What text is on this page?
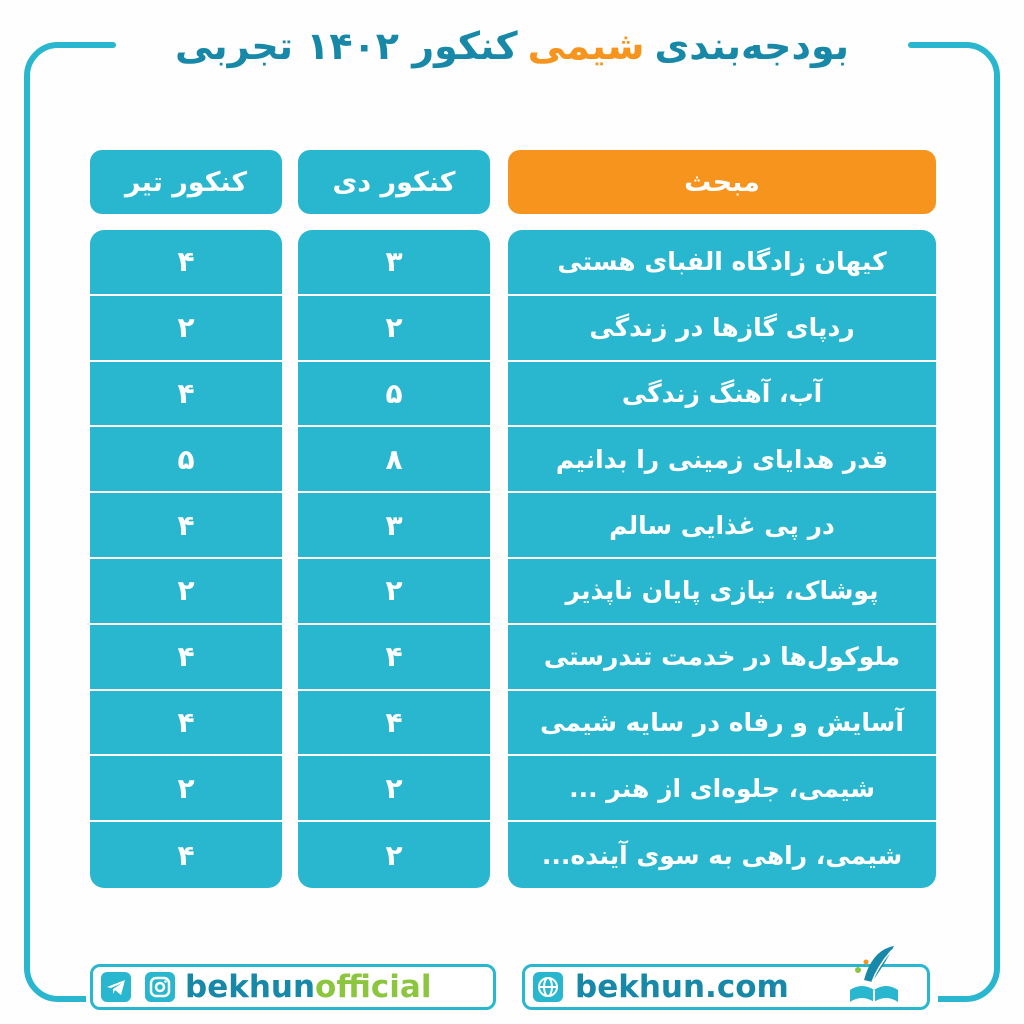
بودجه‌بندی
شیمی
کنکور ۱۴۰۲ تجربی
مبحث
کنکور دی
کنکور تیر
کیهان زادگاه الفبای هستی
ردپای گازها در زندگی
آب، آهنگ زندگی
قدر هدایای زمینی را بدانیم
در پی غذایی سالم
پوشاک، نیازی پایان ناپذیر
ملوکول‌ها در خدمت تندرستی
آسایش و رفاه در سایه شیمی
شیمی، جلوه‌ای از هنر ...
شیمی، راهی به سوی آینده...
۳
۲
۵
۸
۳
۲
۴
۴
۲
۲
۴
۲
۴
۵
۴
۲
۴
۴
۲
۴
bekhunofficial	bekhun.com
